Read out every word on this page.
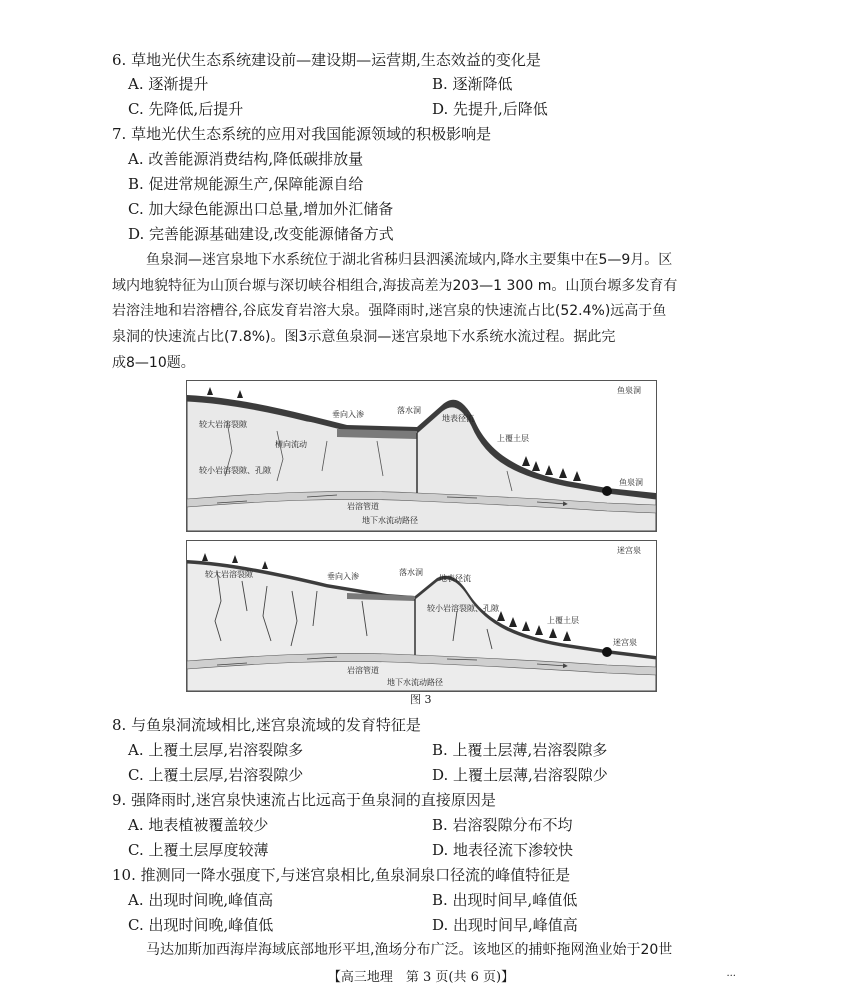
6. 草地光伏生态系统建设前—建设期—运营期,生态效益的变化是
A. 逐渐提升	B. 逐渐降低
C. 先降低,后提升	D. 先提升,后降低
7. 草地光伏生态系统的应用对我国能源领域的积极影响是
A. 改善能源消费结构,降低碳排放量
B. 促进常规能源生产,保障能源自给
C. 加大绿色能源出口总量,增加外汇储备
D. 完善能源基础建设,改变能源储备方式
鱼泉洞—迷宫泉地下水系统位于湖北省秭归县泗溪流域内,降水主要集中在5—9月。区
域内地貌特征为山顶台塬与深切峡谷相组合,海拔高差为203—1 300 m。山顶台塬多发育有
岩溶洼地和岩溶槽谷,谷底发育岩溶大泉。强降雨时,迷宫泉的快速流占比(52.4%)远高于鱼
泉洞的快速流占比(7.8%)。图3示意鱼泉洞—迷宫泉地下水系统水流过程。据此完
成8—10题。
鱼泉洞
较大岩溶裂隙
垂向入渗	落水洞
地表径流
横向流动
上覆土层
较小岩溶裂隙、孔隙
岩溶管道
鱼泉洞
地下水流动路径
迷宫泉
较大岩溶裂隙	垂向入渗	落水洞
地表径流
较小岩溶裂隙、孔隙
上覆土层
迷宫泉
岩溶管道
地下水流动路径
图 3
8. 与鱼泉洞流域相比,迷宫泉流域的发育特征是
A. 上覆土层厚,岩溶裂隙多	B. 上覆土层薄,岩溶裂隙多
C. 上覆土层厚,岩溶裂隙少	D. 上覆土层薄,岩溶裂隙少
9. 强降雨时,迷宫泉快速流占比远高于鱼泉洞的直接原因是
A. 地表植被覆盖较少	B. 岩溶裂隙分布不均
C. 上覆土层厚度较薄	D. 地表径流下渗较快
10. 推测同一降水强度下,与迷宫泉相比,鱼泉洞泉口径流的峰值特征是
A. 出现时间晚,峰值高	B. 出现时间早,峰值低
C. 出现时间晚,峰值低	D. 出现时间早,峰值高
马达加斯加西海岸海域底部地形平坦,渔场分布广泛。该地区的捕虾拖网渔业始于20世
【高三地理　第 3 页(共 6 页)】	...
